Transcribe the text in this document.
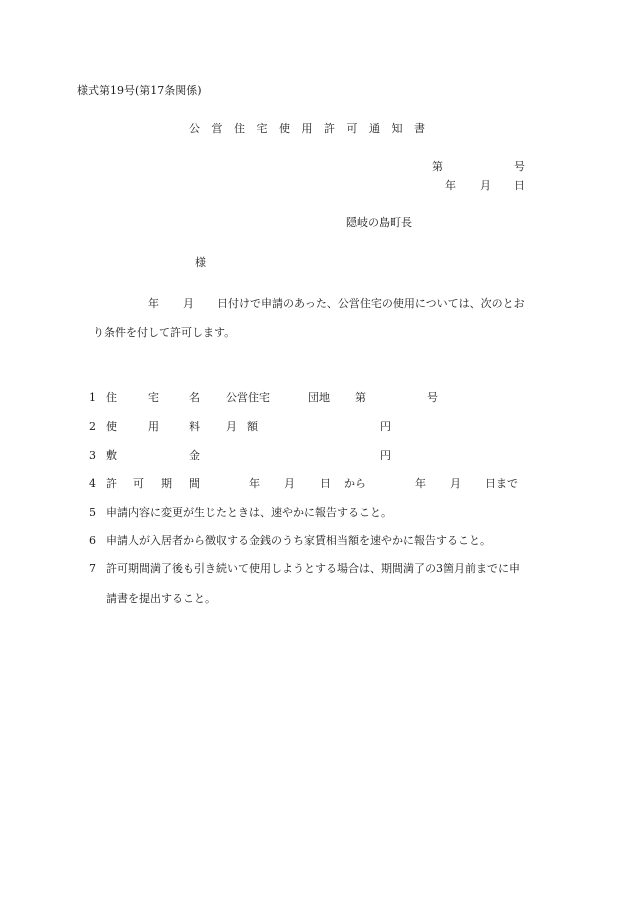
様式第19号(第17条関係)
公 営 住 宅 使 用 許 可 通 知 書
第	号
年 月 日
隠岐の島町長
様
年 月 日付けで申請のあった、公営住宅の使用については、次のとお
り条件を付して許可します。
1 住	宅	名 公営住宅	団地 第	号
2 使	用	料 月 額	円
3 敷	金	円
4 許 可 期 間	年 月 日 から	年 月 日まで
5 申請内容に変更が生じたときは、速やかに報告すること。
6 申請人が入居者から徴収する金銭のうち家賃相当額を速やかに報告すること。
7 許可期間満了後も引き続いて使用しようとする場合は、期間満了の3箇月前までに申
請書を提出すること。
